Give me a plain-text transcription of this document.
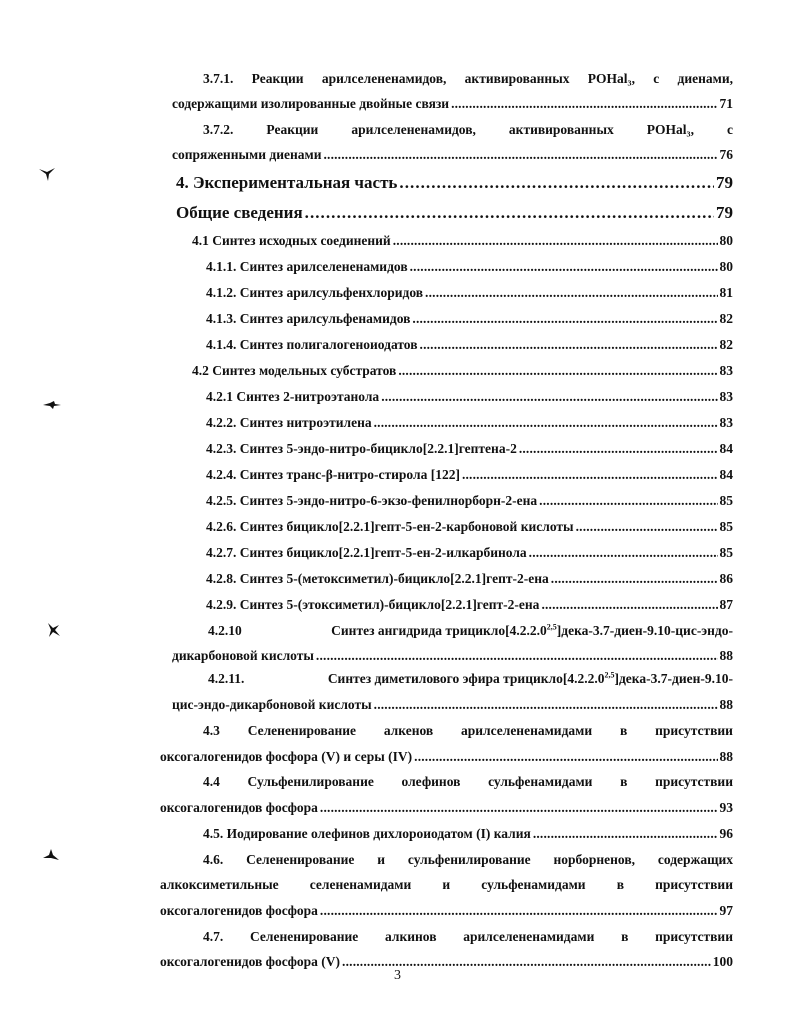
3.7.1. Реакции арилселененамидов, активированных POHal₃, с диенами,
содержащими изолированные двойные связи . . .	71
3.7.2. Реакции арилселененамидов, активированных POHal₃, с
сопряженными диенами . . .	76
4. Экспериментальная часть . . .	79
Общие сведения . . .	79
4.1 Синтез исходных соединений . . .	80
4.1.1. Синтез арилселененамидов . . .	80
4.1.2. Синтез арилсульфенхлоридов . . .	81
4.1.3. Синтез арилсульфенамидов . . .	82
4.1.4. Синтез полигалогеноиодатов . . .	82
4.2 Синтез модельных субстратов . . .	83
4.2.1 Синтез 2-нитроэтанола . . .	83
4.2.2. Синтез нитроэтилена . . .	83
4.2.3. Синтез 5-эндо-нитро-бицикло[2.2.1]гептена-2 . . .	84
4.2.4. Синтез транс-β-нитро-стирола [122] . . .	84
4.2.5. Синтез 5-эндо-нитро-6-экзо-фенилнорборн-2-ена . . .	85
4.2.6. Синтез бицикло[2.2.1]гепт-5-ен-2-карбоновой кислоты . . .	85
4.2.7. Синтез бицикло[2.2.1]гепт-5-ен-2-илкарбинола . . .	85
4.2.8. Синтез 5-(метоксиметил)-бицикло[2.2.1]гепт-2-ена . . .	86
4.2.9. Синтез 5-(этоксиметил)-бицикло[2.2.1]гепт-2-ена . . .	87
4.2.10	Синтез ангидрида трицикло[4.2.2.0$^{2,5}$]дека-3.7-диен-9.10-цис-эндо-
дикарбоновой кислоты . . .	88
4.2.11.	Синтез диметилового эфира трицикло[4.2.2.0$^{2,5}$]дека-3.7-диен-9.10-
цис-эндо-дикарбоновой кислоты . . .	88
4.3 Селененирование алкенов арилселененамидами в присутствии
оксогалогенидов фосфора (V) и серы (IV) . . .	88
4.4 Сульфенилирование олефинов сульфенамидами в присутствии
оксогалогенидов фосфора . . .	93
4.5. Иодирование олефинов дихлороиодатом (I) калия . . .	96
4.6. Селененирование и сульфенилирование норборненов, содержащих
алкоксиметильные селененамидами и сульфенамидами в присутствии
оксогалогенидов фосфора . . .	97
4.7. Селененирование алкинов арилселененамидами в присутствии
оксогалогенидов фосфора (V) . . .	100
3
